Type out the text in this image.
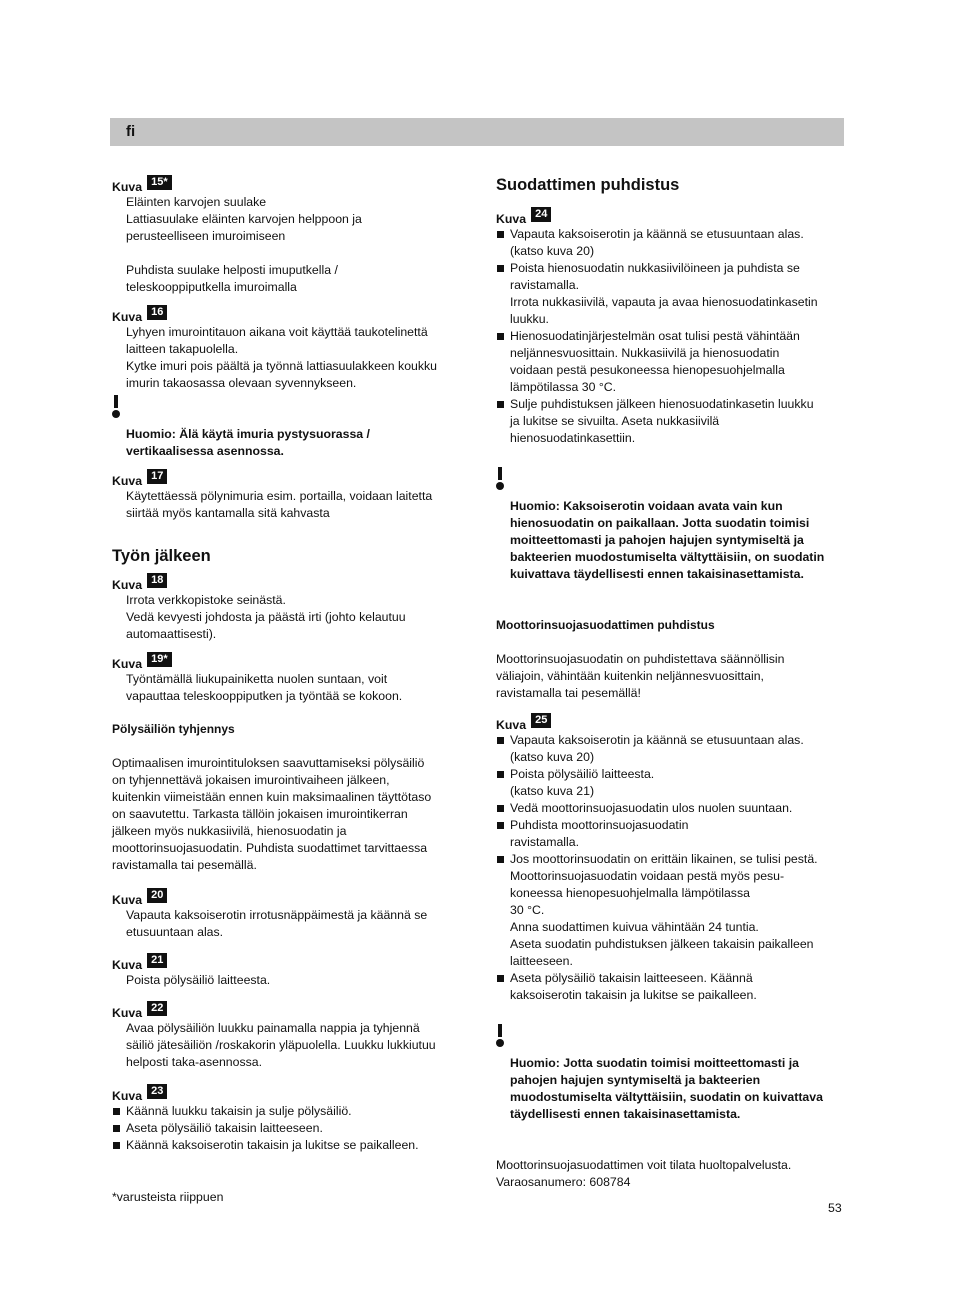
fi
Kuva 15*
Eläinten karvojen suulake
Lattiasuulake eläinten karvojen helppoon ja
perusteelliseen imuroimiseen

Puhdista suulake helposti imuputkella /
teleskooppiputkella imuroimalla
Kuva 16
Lyhyen imurointitauon aikana voit käyttää taukotelinettä
laitteen takapuolella.
Kytke imuri pois päältä ja työnnä lattiasuulakkeen koukku
imurin takaosassa olevaan syvennykseen.

Huomio: Älä käytä imuria pystysuorassa /
vertikaalisessa asennossa.

Kuva 17
Käytettäessä pölynimuria esim. portailla, voidaan laitetta
siirtää myös kantamalla sitä kahvasta
Työn jälkeen
Kuva 18
Irrota verkkopistoke seinästä.
Vedä kevyesti johdosta ja päästä irti (johto kelautuu
automaattisesti).
Kuva 19*
Työntämällä liukupainiketta nuolen suntaan, voit
vapauttaa teleskooppiputken ja työntää se kokoon.
Pölysäiliön tyhjennys
Optimaalisen imurointituloksen saavuttamiseksi pölysäiliö
on tyhjennettävä jokaisen imurointivaiheen jälkeen,
kuitenkin viimeistään ennen kuin maksimaalinen täyttötaso
on saavutettu. Tarkasta tällöin jokaisen imurointikerran
jälkeen myös nukkasiivilä, hienosuodatin ja
moottorinsuojasuodatin. Puhdista suodattimet tarvittaessa
ravistamalla tai pesemällä.
Kuva 20
Vapauta kaksoiserotin irrotusnäppäimestä ja käännä se
etusuuntaan alas.
Kuva 21
Poista pölysäiliö laitteesta.
Kuva 22
Avaa pölysäiliön luukku painamalla nappia ja tyhjennä
säiliö jätesäiliön /roskakorin yläpuolella. Luukku lukkiutuu
helposti taka-asennossa.
Kuva 23
Käännä luukku takaisin ja sulje pölysäiliö.
Aseta pölysäiliö takaisin laitteeseen.
Käännä kaksoiserotin takaisin ja lukitse se paikalleen.
Suodattimen puhdistus
Kuva 24
Vapauta kaksoiserotin ja käännä se etusuuntaan alas.
(katso kuva 20)
Poista hienosuodatin nukkasiivilöineen ja puhdista se
ravistamalla.
Irrota nukkasiivilä, vapauta ja avaa hienosuodatinkasetin
luukku.
Hienosuodatinjärjestelmän osat tulisi pestä vähintään
neljännesvuosittain. Nukkasiivilä ja hienosuodatin
voidaan pestä pesukoneessa hienopesuohjelmalla
lämpötilassa 30 °C.
Sulje puhdistuksen jälkeen hienosuodatinkasetin luukku
ja lukitse se sivuilta. Aseta nukkasiivilä
hienosuodatinkasettiin.

Huomio: Kaksoiserotin voidaan avata vain kun
hienosuodatin on paikallaan. Jotta suodatin toimisi
moitteettomasti ja pahojen hajujen syntymiseltä ja
bakteerien muodostumiselta vältyttäisiin, on suodatin
kuivattava täydellisesti ennen takaisinasettamista.

Moottorinsuojasuodattimen puhdistus
Moottorinsuojasuodatin on puhdistettava säännöllisin
väliajoin, vähintään kuitenkin neljännesvuosittain,
ravistamalla tai pesemällä!
Kuva 25
Vapauta kaksoiserotin ja käännä se etusuuntaan alas.
(katso kuva 20)
Poista pölysäiliö laitteesta.
(katso kuva 21)
Vedä moottorinsuojasuodatin ulos nuolen suuntaan.
Puhdista moottorinsuojasuodatin
ravistamalla.
Jos moottorinsuodatin on erittäin likainen, se tulisi pestä.
Moottorinsuojasuodatin voidaan pestä myös pesu-
koneessa hienopesuohjelmalla lämpötilassa
30 °C.
Anna suodattimen kuivua vähintään 24 tuntia.
Aseta suodatin puhdistuksen jälkeen takaisin paikalleen
laitteeseen.
Aseta pölysäiliö takaisin laitteeseen. Käännä
kaksoiserotin takaisin ja lukitse se paikalleen.

Huomio: Jotta suodatin toimisi moitteettomasti ja
pahojen hajujen syntymiseltä ja bakteerien
muodostumiselta vältyttäisiin, suodatin on kuivattava
täydellisesti ennen takaisinasettamista.

Moottorinsuojasuodattimen voit tilata huoltopalvelusta.
Varaosanumero: 608784
*varusteista riippuen
53
